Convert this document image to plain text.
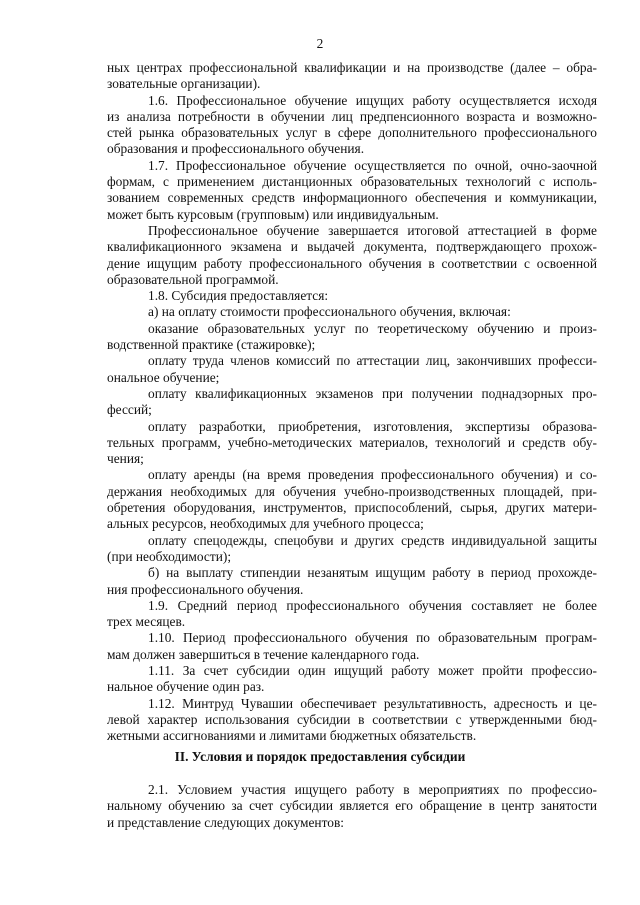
2
ных центрах профессиональной квалификации и на производстве (далее – обра-
зовательные организации).
1.6. Профессиональное обучение ищущих работу осуществляется исходя
из анализа потребности в обучении лиц предпенсионного возраста и возможно-
стей рынка образовательных услуг в сфере дополнительного профессионального
образования и профессионального обучения.
1.7. Профессиональное обучение осуществляется по очной, очно-заочной
формам, с применением дистанционных образовательных технологий с исполь-
зованием современных средств информационного обеспечения и коммуникации,
может быть курсовым (групповым) или индивидуальным.
Профессиональное обучение завершается итоговой аттестацией в форме
квалификационного экзамена и выдачей документа, подтверждающего прохож-
дение ищущим работу профессионального обучения в соответствии с освоенной
образовательной программой.
1.8. Субсидия предоставляется:
а) на оплату стоимости профессионального обучения, включая:
оказание образовательных услуг по теоретическому обучению и произ-
водственной практике (стажировке);
оплату труда членов комиссий по аттестации лиц, закончивших професси-
ональное обучение;
оплату квалификационных экзаменов при получении поднадзорных про-
фессий;
оплату разработки, приобретения, изготовления, экспертизы образова-
тельных программ, учебно-методических материалов, технологий и средств обу-
чения;
оплату аренды (на время проведения профессионального обучения) и со-
держания необходимых для обучения учебно-производственных площадей, при-
обретения оборудования, инструментов, приспособлений, сырья, других матери-
альных ресурсов, необходимых для учебного процесса;
оплату спецодежды, спецобуви и других средств индивидуальной защиты
(при необходимости);
б) на выплату стипендии незанятым ищущим работу в период прохожде-
ния профессионального обучения.
1.9. Средний период профессионального обучения составляет не более
трех месяцев.
1.10. Период профессионального обучения по образовательным програм-
мам должен завершиться в течение календарного года.
1.11. За счет субсидии один ищущий работу может пройти профессио-
нальное обучение один раз.
1.12. Минтруд Чувашии обеспечивает результативность, адресность и це-
левой характер использования субсидии в соответствии с утвержденными бюд-
жетными ассигнованиями и лимитами бюджетных обязательств.
II. Условия и порядок предоставления субсидии
2.1. Условием участия ищущего работу в мероприятиях по профессио-
нальному обучению за счет субсидии является его обращение в центр занятости
и представление следующих документов:
